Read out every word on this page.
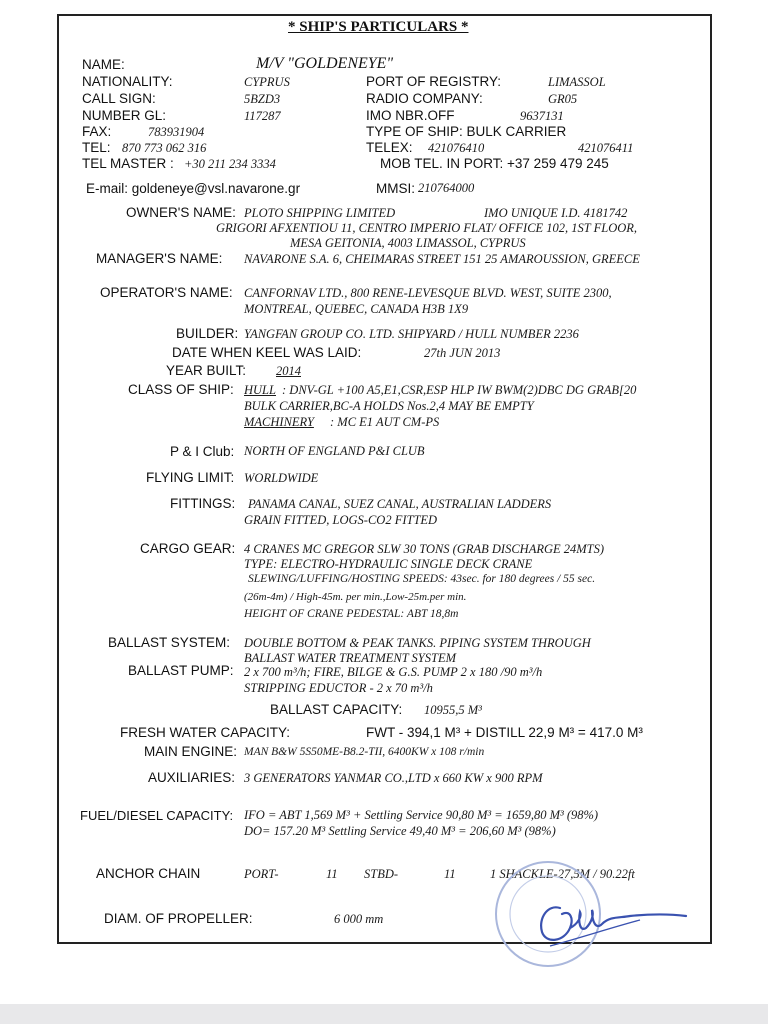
* SHIP'S PARTICULARS *
NAME:	M/V "GOLDENEYE"
NATIONALITY:	CYPRUS	PORT OF REGISTRY:	LIMASSOL
CALL SIGN:	5BZD3	RADIO COMPANY:	GR05
NUMBER GL:	117287	IMO NBR.OFF	9637131
FAX:	783931904	TYPE OF SHIP: BULK CARRIER
TEL: 870 773 062 316	TELEX: 421076410	421076411
TEL MASTER : +30 211 234 3334	MOB TEL. IN PORT: +37 259 479 245
E-mail: goldeneye@vsl.navarone.gr	MMSI: 210764000
OWNER'S NAME: PLOTO SHIPPING LIMITED	IMO UNIQUE I.D. 4181742
GRIGORI AFXENTIOU 11, CENTRO IMPERIO FLAT/ OFFICE 102, 1ST FLOOR,
MESA GEITONIA, 4003 LIMASSOL, CYPRUS
MANAGER'S NAME: NAVARONE S.A. 6, CHEIMARAS STREET 151 25 AMAROUSSION, GREECE
OPERATOR'S NAME: CANFORNAV LTD., 800 RENE-LEVESQUE BLVD. WEST, SUITE 2300,
MONTREAL, QUEBEC, CANADA H3B 1X9
BUILDER: YANGFAN GROUP CO. LTD. SHIPYARD / HULL NUMBER 2236
DATE WHEN KEEL WAS LAID:	27th JUN 2013
YEAR BUILT: 2014
CLASS OF SHIP: HULL : DNV-GL +100 A5,E1,CSR,ESP HLP IW BWM(2)DBC DG GRAB[20
BULK CARRIER,BC-A HOLDS Nos.2,4 MAY BE EMPTY
MACHINERY : MC E1 AUT CM-PS
P & I Club: NORTH OF ENGLAND P&I CLUB
FLYING LIMIT: WORLDWIDE
FITTINGS: PANAMA CANAL, SUEZ CANAL, AUSTRALIAN LADDERS
GRAIN FITTED, LOGS-CO2 FITTED
CARGO GEAR: 4 CRANES MC GREGOR SLW 30 TONS (GRAB DISCHARGE 24MTS)
TYPE: ELECTRO-HYDRAULIC SINGLE DECK CRANE
SLEWING/LUFFING/HOSTING SPEEDS: 43sec. for 180 degrees / 55 sec.
(26m-4m) / High-45m. per min.,Low-25m.per min.
HEIGHT OF CRANE PEDESTAL: ABT 18,8m
BALLAST SYSTEM: DOUBLE BOTTOM & PEAK TANKS. PIPING SYSTEM THROUGH
BALLAST WATER TREATMENT SYSTEM
BALLAST PUMP: 2 x 700 m³/h; FIRE, BILGE & G.S. PUMP 2 x 180 /90 m³/h
STRIPPING EDUCTOR - 2 x 70 m³/h
BALLAST CAPACITY: 10955,5 M³
FRESH WATER CAPACITY:	FWT - 394,1 M³ + DISTILL 22,9 M³ = 417.0 M³
MAIN ENGINE: MAN B&W 5S50ME-B8.2-TII, 6400KW x 108 r/min
AUXILIARIES: 3 GENERATORS YANMAR CO.,LTD x 660 KW x 900 RPM
FUEL/DIESEL CAPACITY: IFO = ABT 1,569 M³ + Settling Service 90,80 M³ = 1659,80 M³ (98%)
DO= 157.20 M³ Settling Service 49,40 M³ = 206,60 M³ (98%)
ANCHOR CHAIN	PORT-	11 STBD-	11	1 SHACKLE-27,5M / 90.22ft
DIAM. OF PROPELLER:	6 000 mm
